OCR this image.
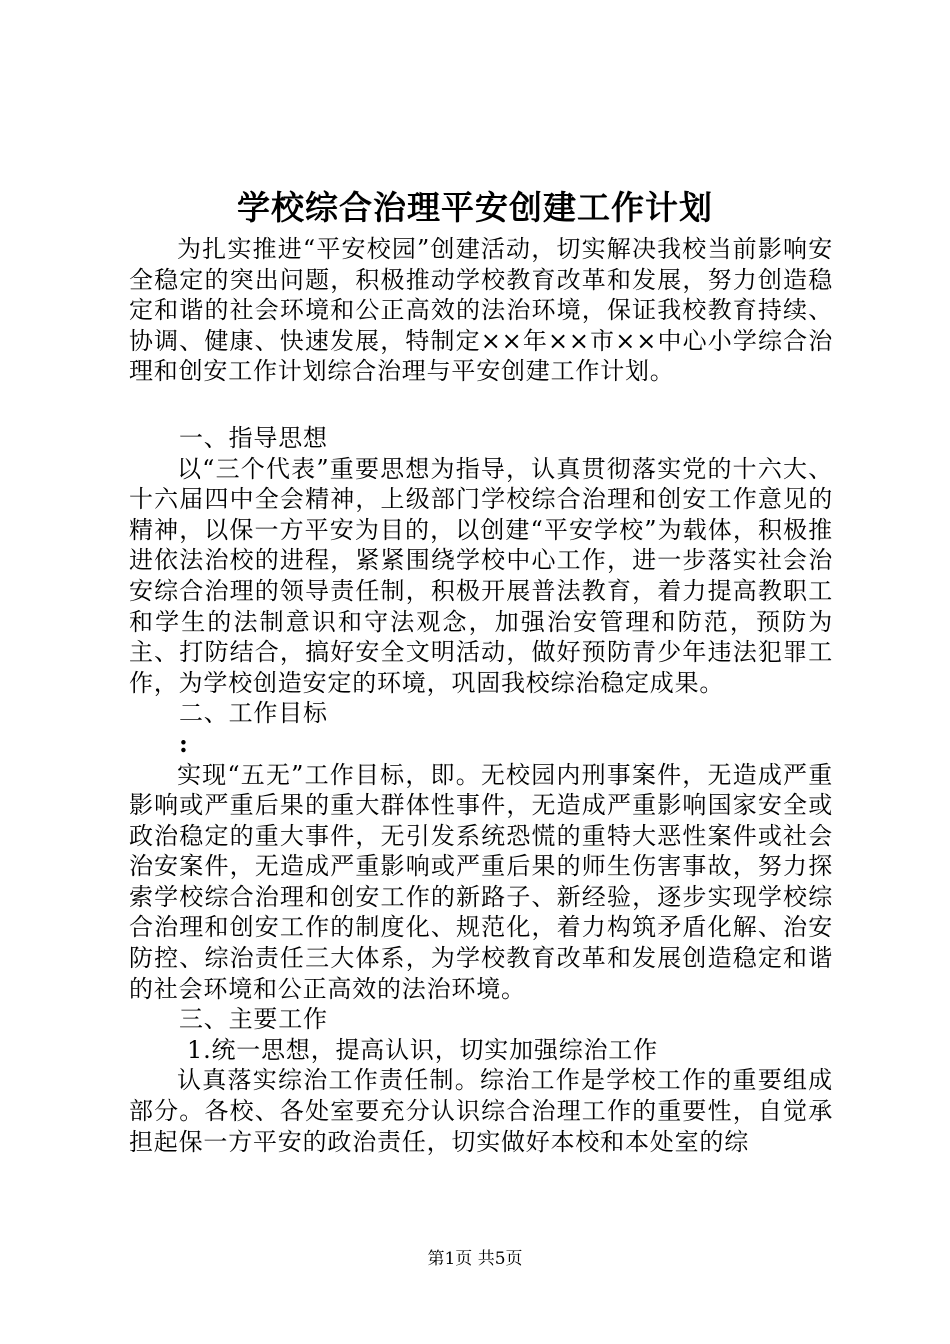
学校综合治理平安创建工作计划

为扎实推进“平安校园”创建活动，切实解决我校当前影响安全稳定的突出问题，积极推动学校教育改革和发展，努力创造稳定和谐的社会环境和公正高效的法治环境，保证我校教育持续、协调、健康、快速发展，特制定××年××市××中心小学综合治理和创安工作计划综合治理与平安创建工作计划。

一、指导思想

以“三个代表”重要思想为指导，认真贯彻落实党的十六大、十六届四中全会精神，上级部门学校综合治理和创安工作意见的精神，以保一方平安为目的，以创建“平安学校”为载体，积极推进依法治校的进程，紧紧围绕学校中心工作，进一步落实社会治安综合治理的领导责任制，积极开展普法教育，着力提高教职工和学生的法制意识和守法观念，加强治安管理和防范，预防为主、打防结合，搞好安全文明活动，做好预防青少年违法犯罪工作，为学校创造安定的环境，巩固我校综治稳定成果。

二、工作目标

:

实现“五无”工作目标，即。无校园内刑事案件，无造成严重影响或严重后果的重大群体性事件，无造成严重影响国家安全或政治稳定的重大事件，无引发系统恐慌的重特大恶性案件或社会治安案件，无造成严重影响或严重后果的师生伤害事故，努力探索学校综合治理和创安工作的新路子、新经验，逐步实现学校综合治理和创安工作的制度化、规范化，着力构筑矛盾化解、治安防控、综治责任三大体系，为学校教育改革和发展创造稳定和谐的社会环境和公正高效的法治环境。

三、主要工作

1.统一思想，提高认识，切实加强综治工作

认真落实综治工作责任制。综治工作是学校工作的重要组成部分。各校、各处室要充分认识综合治理工作的重要性，自觉承担起保一方平安的政治责任，切实做好本校和本处室的综

第1页 共5页
